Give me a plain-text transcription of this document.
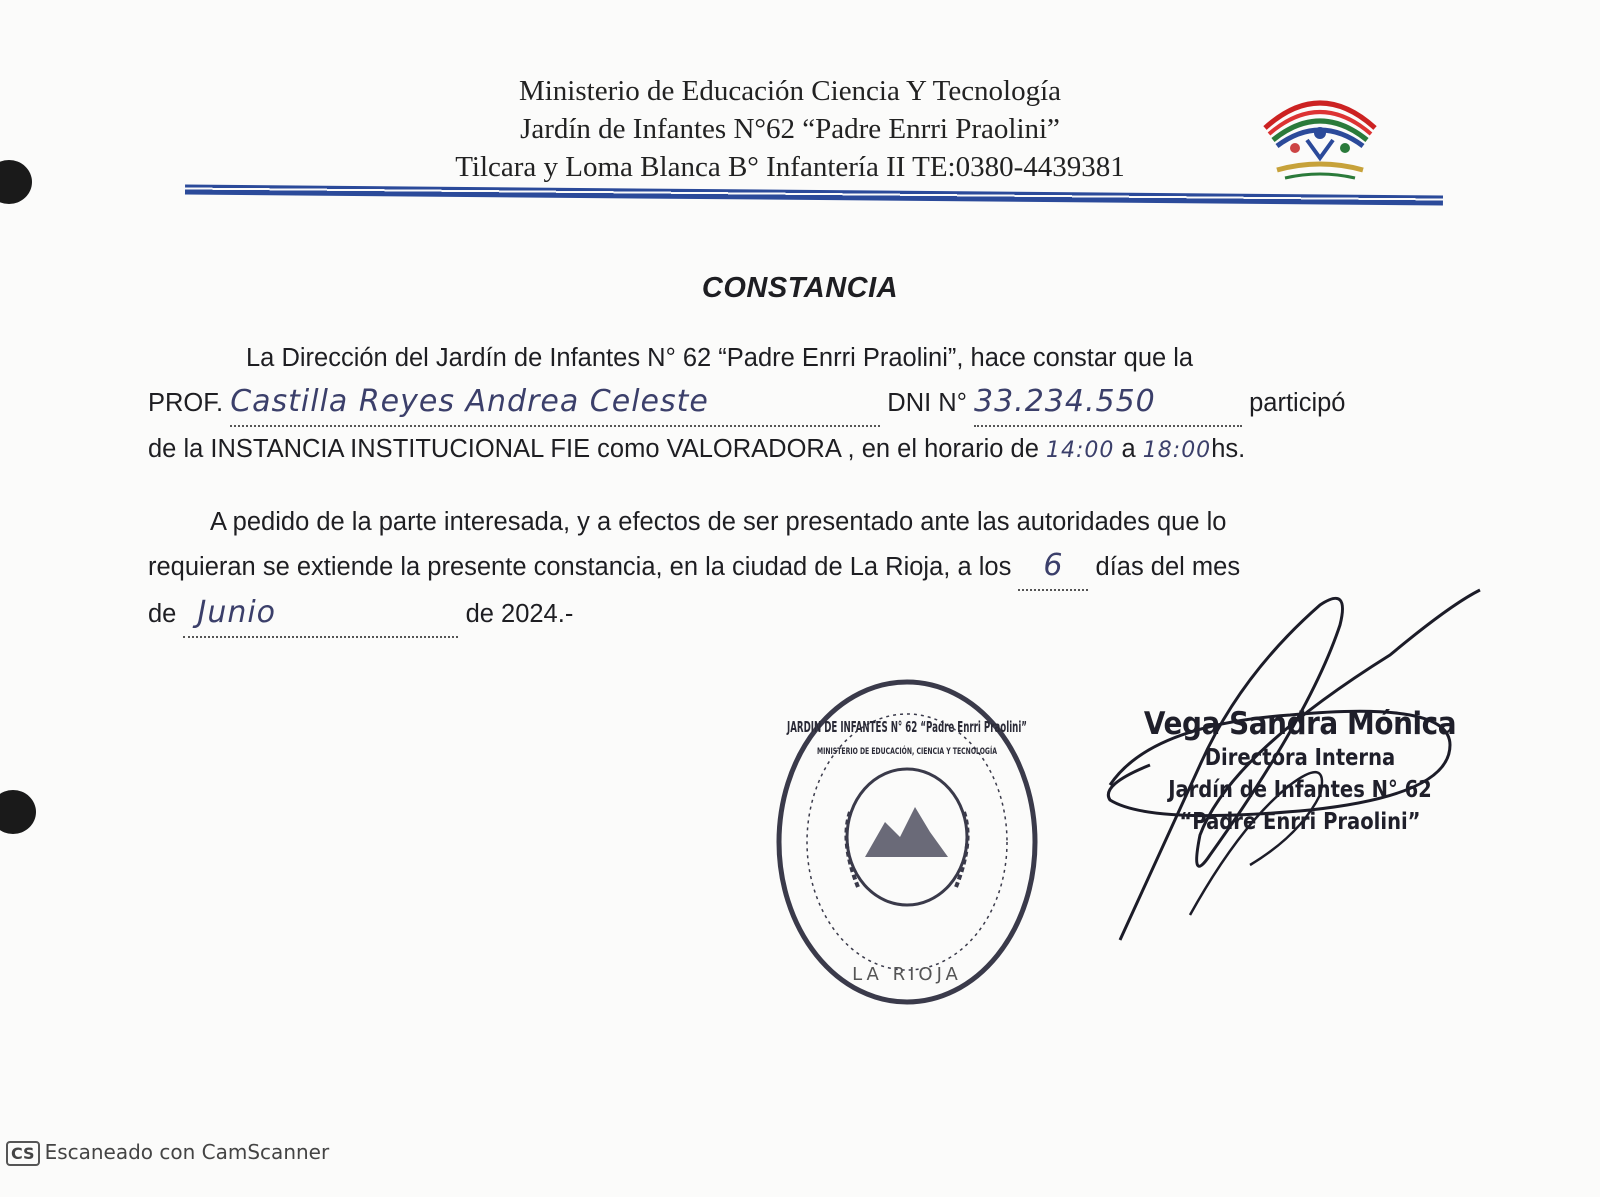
Ministerio de Educación Ciencia Y Tecnología
Jardín de Infantes N°62 “Padre Enrri Praolini”
Tilcara y Loma Blanca B° Infantería II TE:0380-4439381
CONSTANCIA
La Dirección del Jardín de Infantes N° 62 “Padre Enrri Praolini”, hace constar que la
PROF. Castilla Reyes Andrea Celeste	DNI N° 33.234.550	participó
de la INSTANCIA INSTITUCIONAL FIE como VALORADORA , en el horario de 14:00 a 18:00hs.
A pedido de la parte interesada, y a efectos de ser presentado ante las autoridades que lo
requieran se extiende la presente constancia, en la ciudad de La Rioja, a los 6 días del mes
de Junio	de 2024.-
LA RIOJA
JARDIN DE INFANTES N° 62 “Padre Enrri Praolini”
MINISTERIO DE EDUCACIÓN, CIENCIA Y TECNOLOGÍA
Vega Sandra Mónica
Directora Interna
Jardín de Infantes N° 62
“Padre Enrri Praolini”
CS Escaneado con CamScanner
